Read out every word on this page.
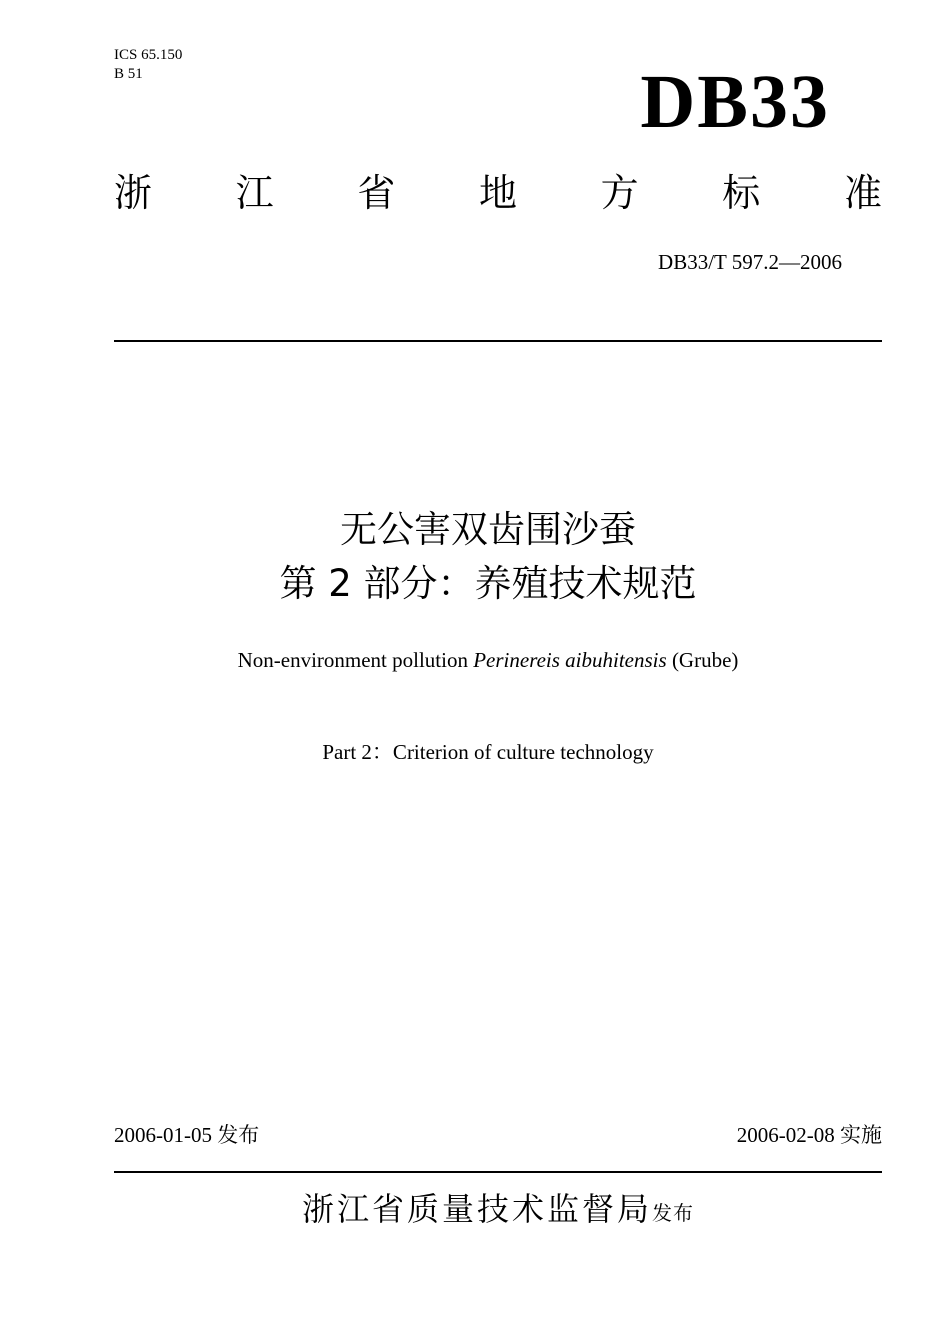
ICS 65.150
B 51	DB33
浙 江 省 地 方 标 准
DB33/T 597.2—2006
无公害双齿围沙蚕
第 2 部分：养殖技术规范
Non-environment pollution Perinereis aibuhitensis (Grube)
Part 2：Criterion of culture technology
2006-01-05 发布	2006-02-08 实施
浙江省质量技术监督局发布
